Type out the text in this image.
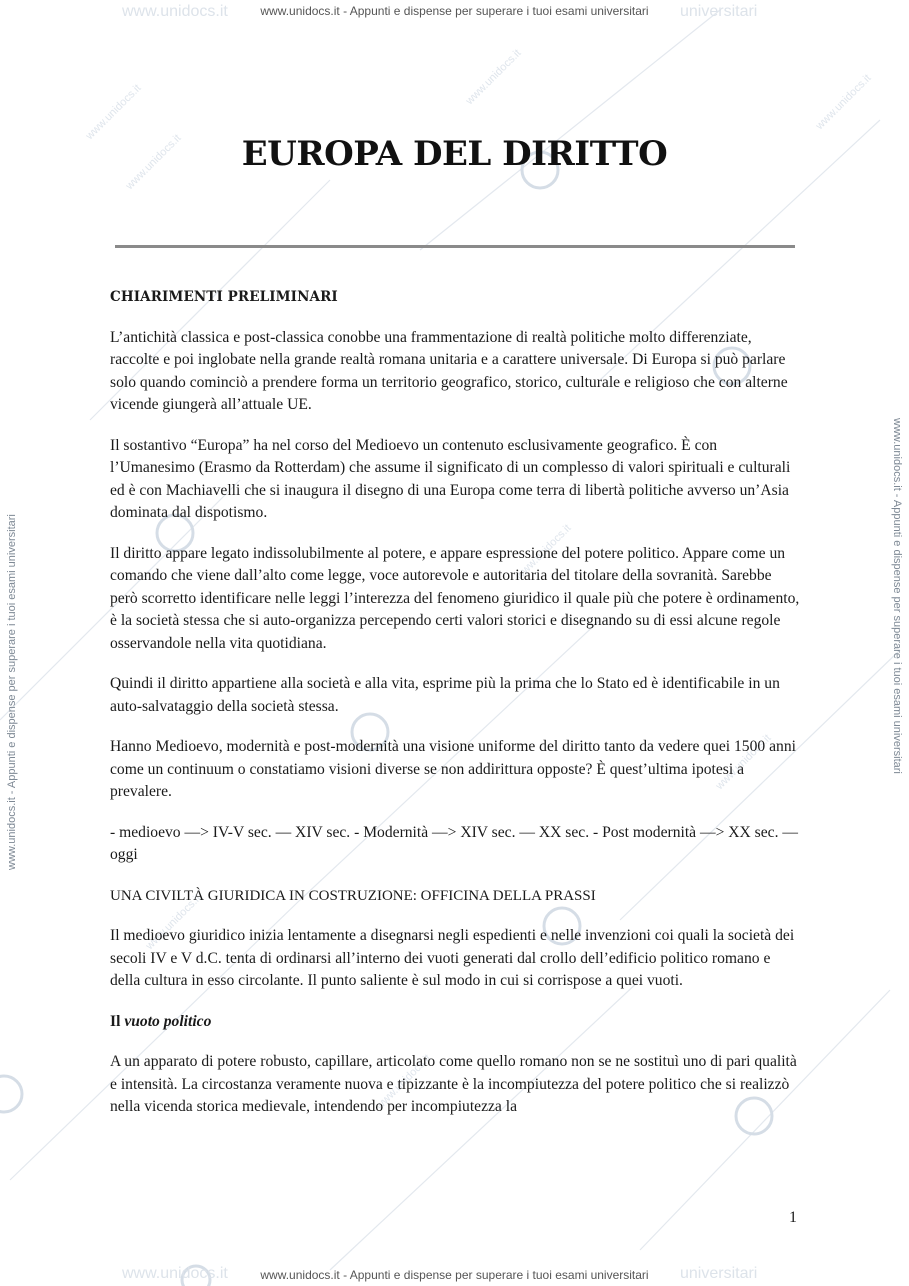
www.unidocs.it
www.unidocs.it
www.unidocs.it
www.unidocs.it
www.unidocs.it
www.unidocs.it
www.unidocs.it	www.unidocs.it
www.unidocs.it	universitari
www.unidocs.it - Appunti e dispense per superare i tuoi esami universitari
www.unidocs.it	universitari
www.unidocs.it - Appunti e dispense per superare i tuoi esami universitari
www.unidocs.it - Appunti e dispense per superare i tuoi esami universitari	www.unidocs.it - Appunti e dispense per superare i tuoi esami universitari
EUROPA DEL DIRITTO

CHIARIMENTI PRELIMINARI

L’antichità classica e post-classica conobbe una frammentazione di realtà politiche molto differenziate, raccolte e poi inglobate nella grande realtà romana unitaria e a carattere universale. Di Europa si può parlare solo quando cominciò a prendere forma un territorio geografico, storico, culturale e religioso che con alterne vicende giungerà all’attuale UE.

Il sostantivo “Europa” ha nel corso del Medioevo un contenuto esclusivamente geografico. È con l’Umanesimo (Erasmo da Rotterdam) che assume il significato di un complesso di valori spirituali e culturali ed è con Machiavelli che si inaugura il disegno di una Europa come terra di libertà politiche avverso un’Asia dominata dal dispotismo.

Il diritto appare legato indissolubilmente al potere, e appare espressione del potere politico. Appare come un comando che viene dall’alto come legge, voce autorevole e autoritaria del titolare della sovranità. Sarebbe però scorretto identificare nelle leggi l’interezza del fenomeno giuridico il quale più che potere è ordinamento, è la società stessa che si auto-organizza percependo certi valori storici e disegnando su di essi alcune regole osservandole nella vita quotidiana.

Quindi il diritto appartiene alla società e alla vita, esprime più la prima che lo Stato ed è identificabile in un auto-salvataggio della società stessa.

Hanno Medioevo, modernità e post-modernità una visione uniforme del diritto tanto da vedere quei 1500 anni come un continuum o constatiamo visioni diverse se non addirittura opposte? È quest’ultima ipotesi a prevalere.

- medioevo —> IV-V sec. — XIV sec. - Modernità —> XIV sec. — XX sec. - Post modernità —> XX sec. — oggi

UNA CIVILTÀ GIURIDICA IN COSTRUZIONE: OFFICINA DELLA PRASSI

Il medioevo giuridico inizia lentamente a disegnarsi negli espedienti e nelle invenzioni coi quali la società dei secoli IV e V d.C. tenta di ordinarsi all’interno dei vuoti generati dal crollo dell’edificio politico romano e della cultura in esso circolante. Il punto saliente è sul modo in cui si corrispose a quei vuoti.

Il vuoto politico

A un apparato di potere robusto, capillare, articolato come quello romano non se ne sostituì uno di pari qualità e intensità. La circostanza veramente nuova e tipizzante è la incompiutezza del potere politico che si realizzò nella vicenda storica medievale, intendendo per incompiutezza la

1
